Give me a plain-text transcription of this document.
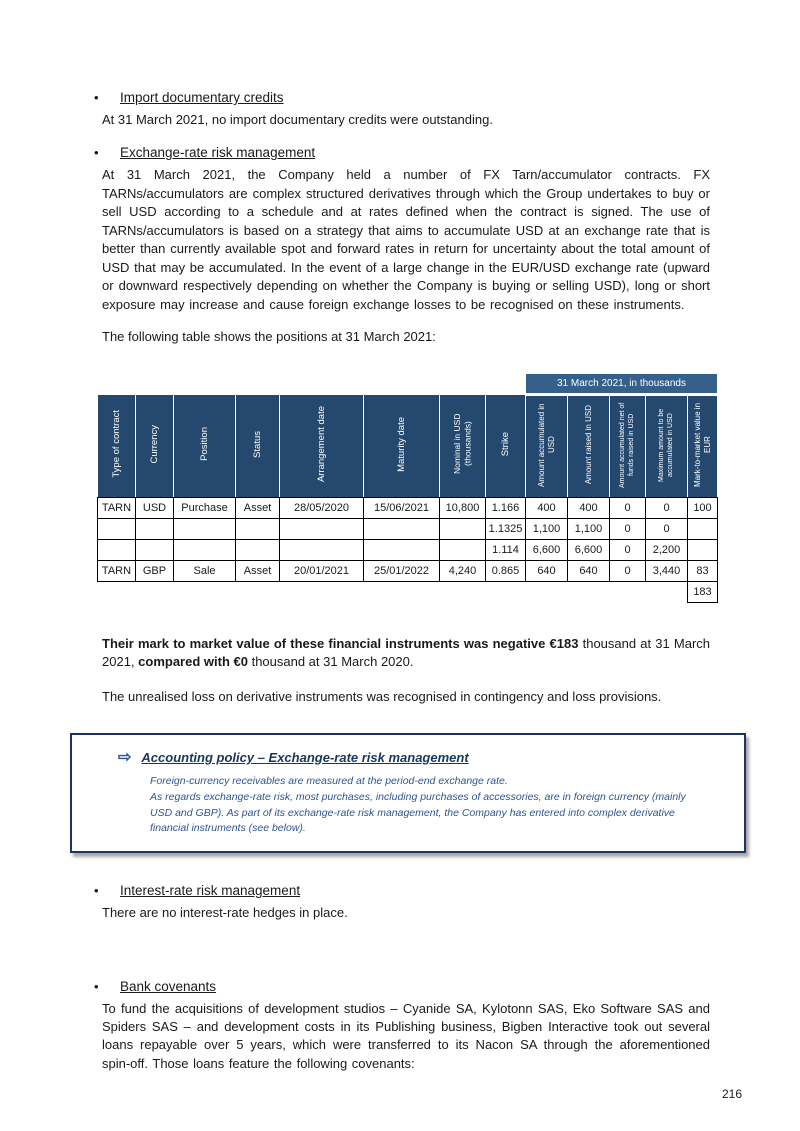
•	Import documentary credits

At 31 March 2021, no import documentary credits were outstanding.

•	Exchange-rate risk management

At 31 March 2021, the Company held a number of FX Tarn/accumulator contracts. FX TARNs/accumulators are complex structured derivatives through which the Group undertakes to buy or sell USD according to a schedule and at rates defined when the contract is signed. The use of TARNs/accumulators is based on a strategy that aims to accumulate USD at an exchange rate that is better than currently available spot and forward rates in return for uncertainty about the total amount of USD that may be accumulated. In the event of a large change in the EUR/USD exchange rate (upward or downward respectively depending on whether the Company is buying or selling USD), long or short exposure may increase and cause foreign exchange losses to be recognised on these instruments.

The following table shows the positions at 31 March 2021:

								31 March 2021, in thousands				
Type of contract	Currency	Position	Status	Arrangement date	Maturity date	Nominal in USD (thousands)	Strike	Amount accumulated in USD	Amount raised in USD	Amount accumulated net of funds raised in USD	Maximum amount to be accumulated in USD	Mark-to-market value in EUR
TARN	USD	Purchase	Asset	28/05/2020	15/06/2021	10,800	1.166	400	400	0	0	100
							1.1325	1,100	1,100	0	0	
							1.114	6,600	6,600	0	2,200	
TARN	GBP	Sale	Asset	20/01/2021	25/01/2022	4,240	0.865	640	640	0	3,440	83
												183

Their mark to market value of these financial instruments was negative €183 thousand at 31 March 2021, compared with €0 thousand at 31 March 2020.

The unrealised loss on derivative instruments was recognised in contingency and loss provisions.

⇨ Accounting policy – Exchange-rate risk management

Foreign-currency receivables are measured at the period-end exchange rate.

As regards exchange-rate risk, most purchases, including purchases of accessories, are in foreign currency (mainly USD and GBP). As part of its exchange-rate risk management, the Company has entered into complex derivative financial instruments (see below).

•	Interest-rate risk management

There are no interest-rate hedges in place.

•	Bank covenants

To fund the acquisitions of development studios – Cyanide SA, Kylotonn SAS, Eko Software SAS and Spiders SAS – and development costs in its Publishing business, Bigben Interactive took out several loans repayable over 5 years, which were transferred to its Nacon SA through the aforementioned spin-off. Those loans feature the following covenants:

216
